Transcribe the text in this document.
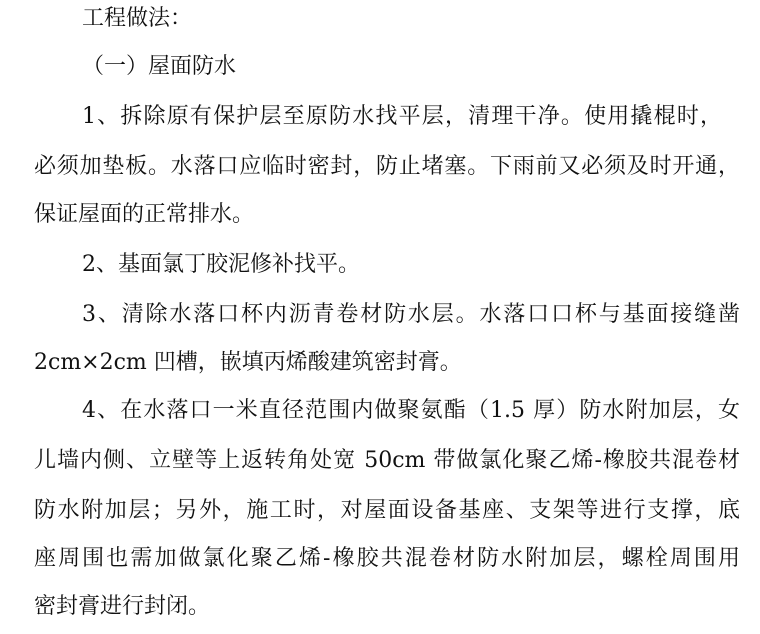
工程做法：

（一）屋面防水

1、拆除原有保护层至原防水找平层，清理干净。使用撬棍时，

必须加垫板。水落口应临时密封，防止堵塞。下雨前又必须及时开通，

保证屋面的正常排水。

2、基面氯丁胶泥修补找平。

3、清除水落口杯内沥青卷材防水层。水落口口杯与基面接缝凿

2cm×2cm 凹槽，嵌填丙烯酸建筑密封膏。

4、在水落口一米直径范围内做聚氨酯（1.5 厚）防水附加层，女

儿墙内侧、立壁等上返转角处宽 50cm 带做氯化聚乙烯-橡胶共混卷材

防水附加层；另外，施工时，对屋面设备基座、支架等进行支撑，底

座周围也需加做氯化聚乙烯-橡胶共混卷材防水附加层，螺栓周围用

密封膏进行封闭。
